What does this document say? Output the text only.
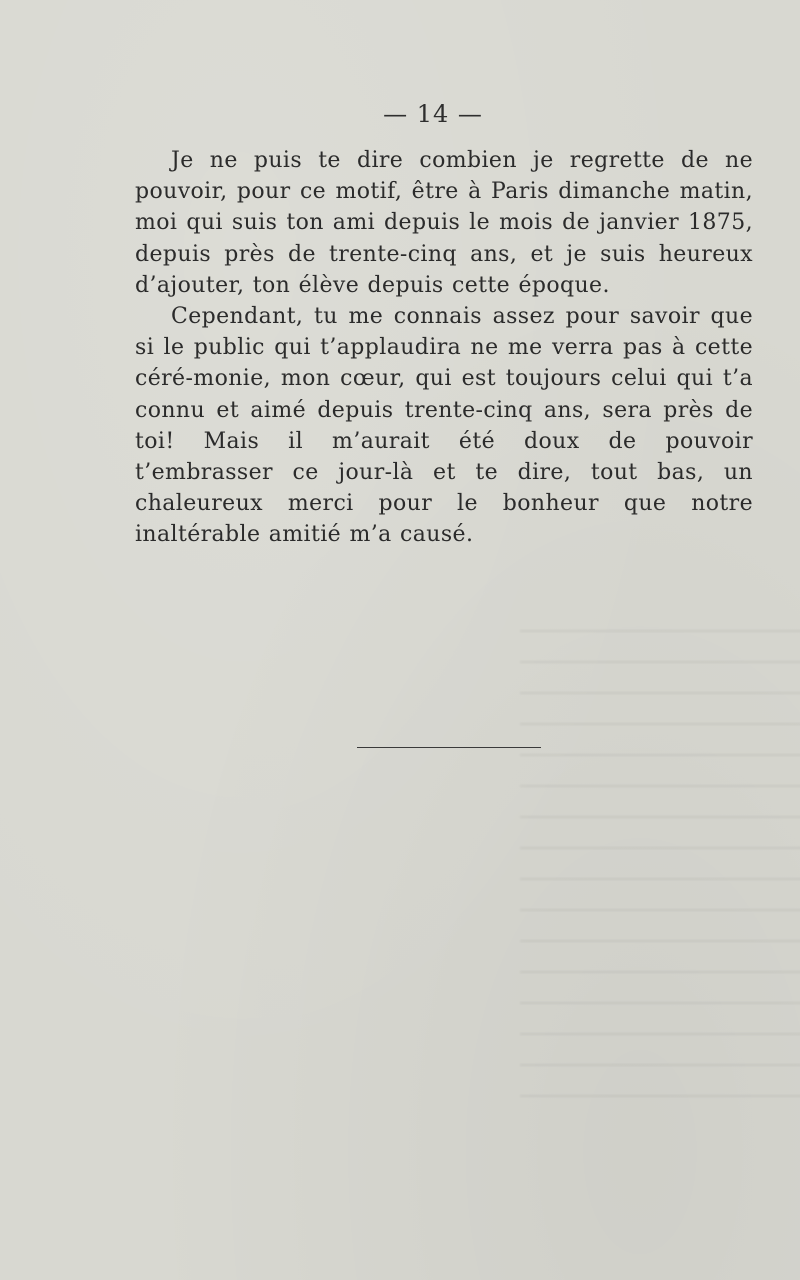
— 14 —

Je ne puis te dire combien je regrette de ne pouvoir, pour ce motif, être à Paris dimanche matin, moi qui suis ton ami depuis le mois de janvier 1875, depuis près de trente-cinq ans, et je suis heureux d’ajouter, ton élève depuis cette époque.

Cependant, tu me connais assez pour savoir que si le public qui t’applaudira ne me verra pas à cette céré-monie, mon cœur, qui est toujours celui qui t’a connu et aimé depuis trente-cinq ans, sera près de toi! Mais il m’aurait été doux de pouvoir t’embrasser ce jour-là et te dire, tout bas, un chaleureux merci pour le bonheur que notre inaltérable amitié m’a causé.
